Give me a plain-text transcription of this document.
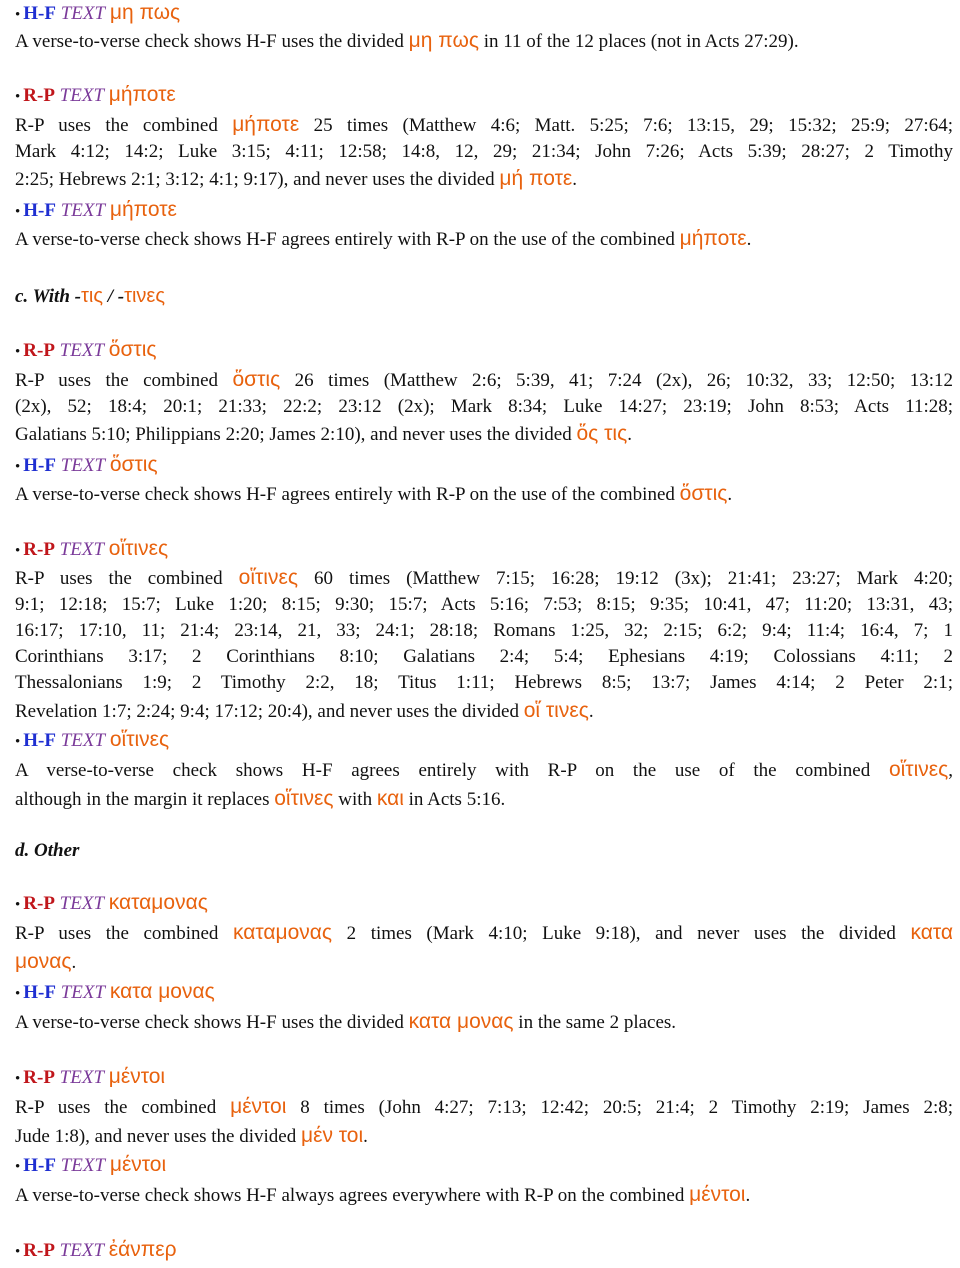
• H-F TEXT μη πως
A verse-to-verse check shows H-F uses the divided μη πως in 11 of the 12 places (not in Acts 27:29).
• R-P TEXT μήποτε
R-P uses the combined μήποτε 25 times (Matthew 4:6; Matt. 5:25; 7:6; 13:15, 29; 15:32; 25:9; 27:64;
Mark 4:12; 14:2; Luke 3:15; 4:11; 12:58; 14:8, 12, 29; 21:34; John 7:26; Acts 5:39; 28:27; 2 Timothy
2:25; Hebrews 2:1; 3:12; 4:1; 9:17), and never uses the divided μή ποτε.
• H-F TEXT μήποτε
A verse-to-verse check shows H-F agrees entirely with R-P on the use of the combined μήποτε.
c. With -τις / -τινες
• R-P TEXT ὅστις
R-P uses the combined ὅστις 26 times (Matthew 2:6; 5:39, 41; 7:24 (2x), 26; 10:32, 33; 12:50; 13:12
(2x), 52; 18:4; 20:1; 21:33; 22:2; 23:12 (2x); Mark 8:34; Luke 14:27; 23:19; John 8:53; Acts 11:28;
Galatians 5:10; Philippians 2:20; James 2:10), and never uses the divided ὅς τις.
• H-F TEXT ὅστις
A verse-to-verse check shows H-F agrees entirely with R-P on the use of the combined ὅστις.
• R-P TEXT οἵτινες
R-P uses the combined οἵτινες 60 times (Matthew 7:15; 16:28; 19:12 (3x); 21:41; 23:27; Mark 4:20;
9:1; 12:18; 15:7; Luke 1:20; 8:15; 9:30; 15:7; Acts 5:16; 7:53; 8:15; 9:35; 10:41, 47; 11:20; 13:31, 43;
16:17; 17:10, 11; 21:4; 23:14, 21, 33; 24:1; 28:18; Romans 1:25, 32; 2:15; 6:2; 9:4; 11:4; 16:4, 7; 1
Corinthians 3:17; 2 Corinthians 8:10; Galatians 2:4; 5:4; Ephesians 4:19; Colossians 4:11; 2
Thessalonians 1:9; 2 Timothy 2:2, 18; Titus 1:11; Hebrews 8:5; 13:7; James 4:14; 2 Peter 2:1;
Revelation 1:7; 2:24; 9:4; 17:12; 20:4), and never uses the divided οἵ τινες.
• H-F TEXT οἵτινες
A verse-to-verse check shows H-F agrees entirely with R-P on the use of the combined οἵτινες,
although in the margin it replaces οἵτινες with και in Acts 5:16.
d. Other
• R-P TEXT καταμονας
R-P uses the combined καταμονας 2 times (Mark 4:10; Luke 9:18), and never uses the divided κατα
μονας.
• H-F TEXT κατα μονας
A verse-to-verse check shows H-F uses the divided κατα μονας in the same 2 places.
• R-P TEXT μέντοι
R-P uses the combined μέντοι 8 times (John 4:27; 7:13; 12:42; 20:5; 21:4; 2 Timothy 2:19; James 2:8;
Jude 1:8), and never uses the divided μέν τοι.
• H-F TEXT μέντοι
A verse-to-verse check shows H-F always agrees everywhere with R-P on the combined μέντοι.
• R-P TEXT ἐάνπερ
